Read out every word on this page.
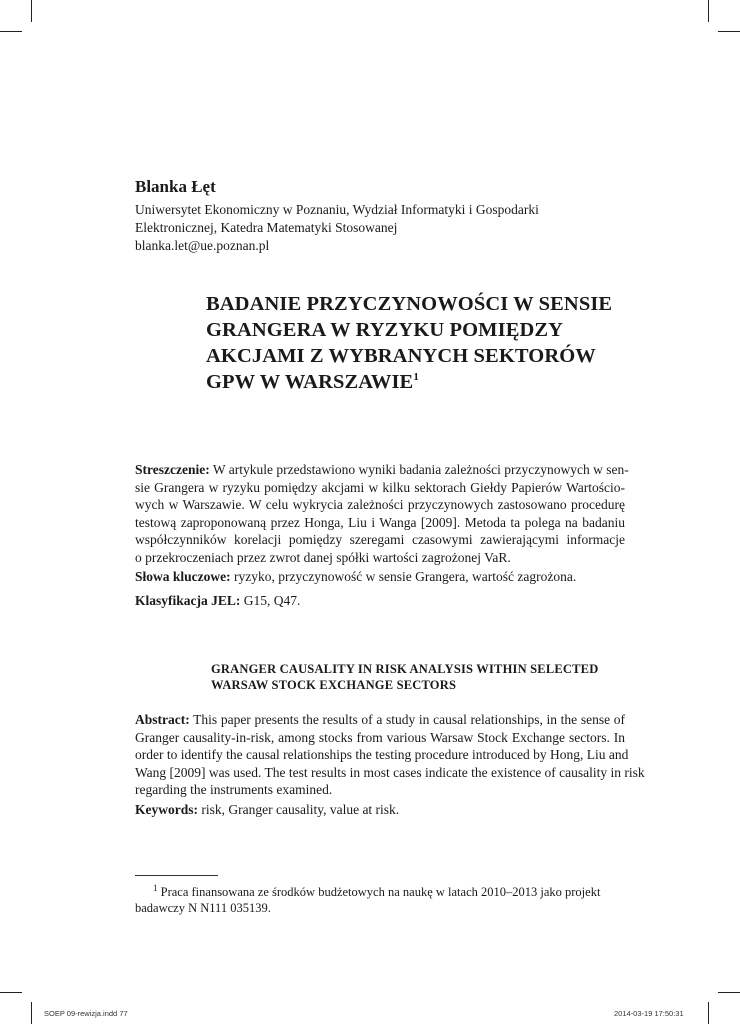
Blanka Łęt
Uniwersytet Ekonomiczny w Poznaniu, Wydział Informatyki i Gospodarki
Elektronicznej, Katedra Matematyki Stosowanej
blanka.let@ue.poznan.pl
BADANIE PRZYCZYNOWOŚCI W SENSIE
GRANGERA W RYZYKU POMIĘDZY
AKCJAMI Z WYBRANYCH SEKTORÓW
GPW W WARSZAWIE$^1$
Streszczenie: W artykule przedstawiono wyniki badania zależności przyczynowych w sen-
sie Grangera w ryzyku pomiędzy akcjami w kilku sektorach Giełdy Papierów Wartościo-
wych w Warszawie. W celu wykrycia zależności przyczynowych zastosowano procedurę
testową zaproponowaną przez Honga, Liu i Wanga [2009]. Metoda ta polega na badaniu
współczynników korelacji pomiędzy szeregami czasowymi zawierającymi informacje
o przekroczeniach przez zwrot danej spółki wartości zagrożonej VaR.
Słowa kluczowe: ryzyko, przyczynowość w sensie Grangera, wartość zagrożona.
Klasyfikacja JEL: G15, Q47.
GRANGER CAUSALITY IN RISK ANALYSIS WITHIN SELECTED
WARSAW STOCK EXCHANGE SECTORS
Abstract: This paper presents the results of a study in causal relationships, in the sense of
Granger causality-in-risk, among stocks from various Warsaw Stock Exchange sectors. In
order to identify the causal relationships the testing procedure introduced by Hong, Liu and
Wang [2009] was used. The test results in most cases indicate the existence of causality in risk
regarding the instruments examined.
Keywords: risk, Granger causality, value at risk.
$^1$ Praca finansowana ze środków budżetowych na naukę w latach 2010–2013 jako projekt
badawczy N N111 035139.
SOEP 09-rewizja.indd 77	2014-03-19 17:50:31
